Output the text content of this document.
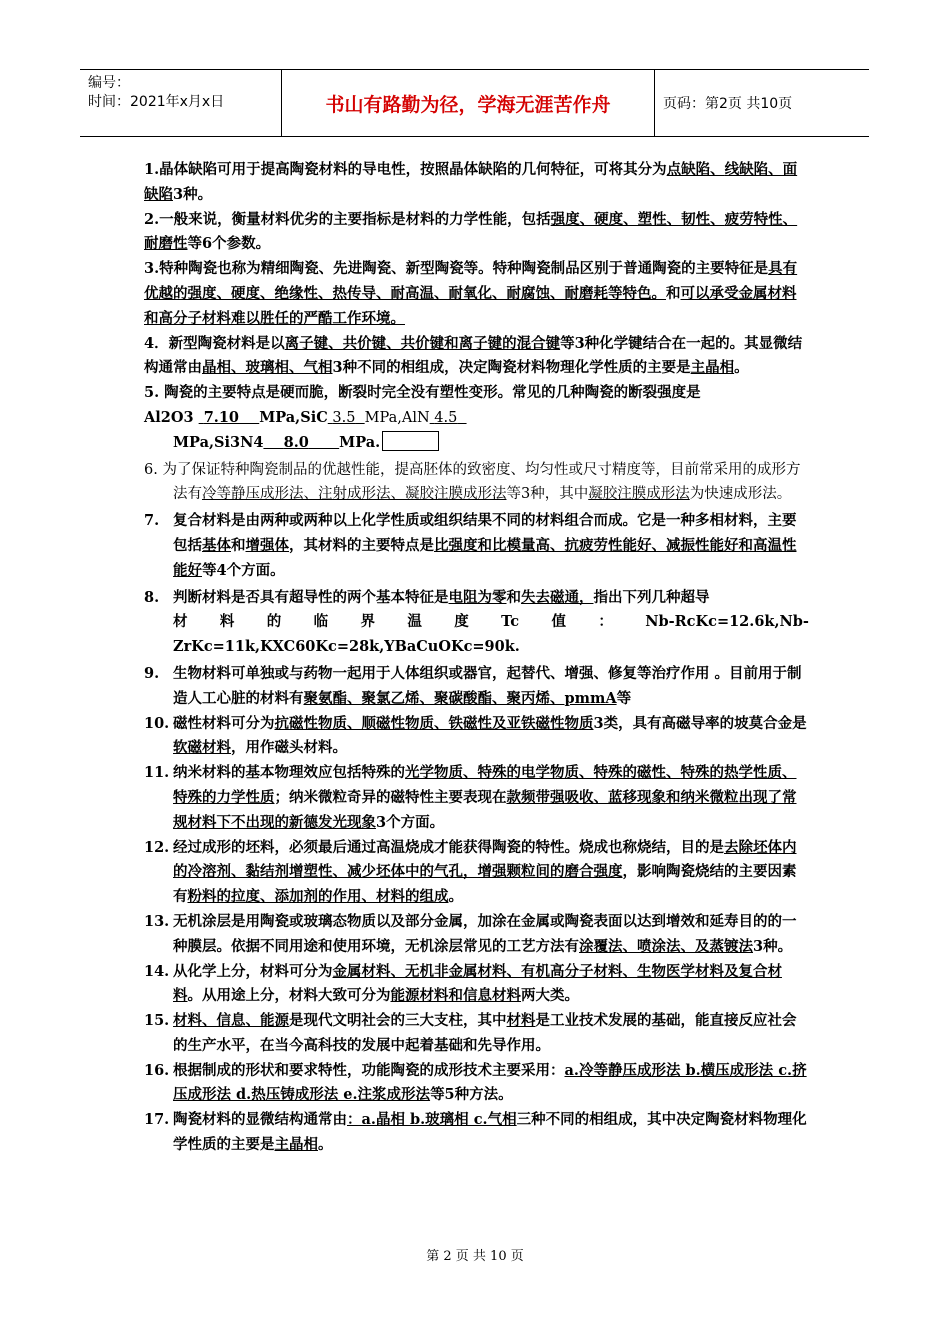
编号：
时间：2021年x月x日	书山有路勤为径，学海无涯苦作舟	页码：第2页 共10页

1.晶体缺陷可用于提高陶瓷材料的导电性，按照晶体缺陷的几何特征，可将其分为点缺陷、线缺陷、面缺陷3种。

2.一般来说，衡量材料优劣的主要指标是材料的力学性能，包括强度、硬度、塑性、韧性、疲劳特性、耐磨性等6个参数。

3.特种陶瓷也称为精细陶瓷、先进陶瓷、新型陶瓷等。特种陶瓷制品区别于普通陶瓷的主要特征是具有优越的强度、硬度、绝缘性、热传导、耐高温、耐氧化、耐腐蚀、耐磨耗等特色。和可以承受金属材料和高分子材料难以胜任的严酷工作环境。

4．新型陶瓷材料是以离子键、共价键、共价键和离子键的混合键等3种化学键结合在一起的。其显微结构通常由晶相、玻璃相、气相3种不同的相组成，决定陶瓷材料物理化学性质的主要是主晶相。

5. 陶瓷的主要特点是硬而脆，断裂时完全没有塑性变形。常见的几种陶瓷的断裂强度是
Al2O3  7.10 MPa,SiC 3.5 MPa,AlN 4.5
MPa,Si3N4 8.0 MPa.

6. 为了保证特种陶瓷制品的优越性能，提高胚体的致密度、均匀性或尺寸精度等，目前常采用的成形方法有冷等静压成形法、注射成形法、凝胶注膜成形法等3种，其中凝胶注膜成形法为快速成形法。

7. 复合材料是由两种或两种以上化学性质或组织结果不同的材料组合而成。它是一种多相材料，主要包括基体和增强体，其材料的主要特点是比强度和比模量高、抗疲劳性能好、减振性能好和高温性能好等4个方面。

8. 判断材料是否具有超导性的两个基本特征是电阻为零和失去磁通，指出下列几种超导

材 料 的 临 界 温 度 Tc 值 ： Nb-RcKc=12.6k,Nb-

ZrKc=11k,KXC60Kc=28k,YBaCuOKc=90k.

9. 生物材料可单独或与药物一起用于人体组织或器官，起替代、增强、修复等治疗作用 。目前用于制造人工心脏的材料有聚氨酯、聚氯乙烯、聚碳酸酯、聚丙烯、pmmA等

10. 磁性材料可分为抗磁性物质、顺磁性物质、铁磁性及亚铁磁性物质3类，具有高磁导率的坡莫合金是软磁材料，用作磁头材料。

11. 纳米材料的基本物理效应包括特殊的光学物质、特殊的电学物质、特殊的磁性、特殊的热学性质、特殊的力学性质；纳米微粒奇异的磁特性主要表现在款频带强吸收、蓝移现象和纳米微粒出现了常规材料下不出现的新德发光现象3个方面。

12. 经过成形的坯料，必须最后通过高温烧成才能获得陶瓷的特性。烧成也称烧结，目的是去除坯体内的冷溶剂、黏结剂增塑性、减少坯体中的气孔，增强颗粒间的磨合强度，影响陶瓷烧结的主要因素有粉料的拉度、添加剂的作用、材料的组成。

13. 无机涂层是用陶瓷或玻璃态物质以及部分金属，加涂在金属或陶瓷表面以达到增效和延寿目的的一种膜层。依据不同用途和使用环境，无机涂层常见的工艺方法有涂覆法、喷涂法、及蒸镀法3种。

14. 从化学上分，材料可分为金属材料、无机非金属材料、有机高分子材料、生物医学材料及复合材料。从用途上分，材料大致可分为能源材料和信息材料两大类。

15. 材料、信息、能源是现代文明社会的三大支柱，其中材料是工业技术发展的基础，能直接反应社会的生产水平，在当今高科技的发展中起着基础和先导作用。

16. 根据制成的形状和要求特性，功能陶瓷的成形技术主要采用：a.冷等静压成形法 b.横压成形法 c.挤压成形法 d.热压铸成形法 e.注浆成形法等5种方法。

17. 陶瓷材料的显微结构通常由：a.晶相 b.玻璃相 c.气相三种不同的相组成，其中决定陶瓷材料物理化学性质的主要是主晶相。

第 2 页 共 10 页
